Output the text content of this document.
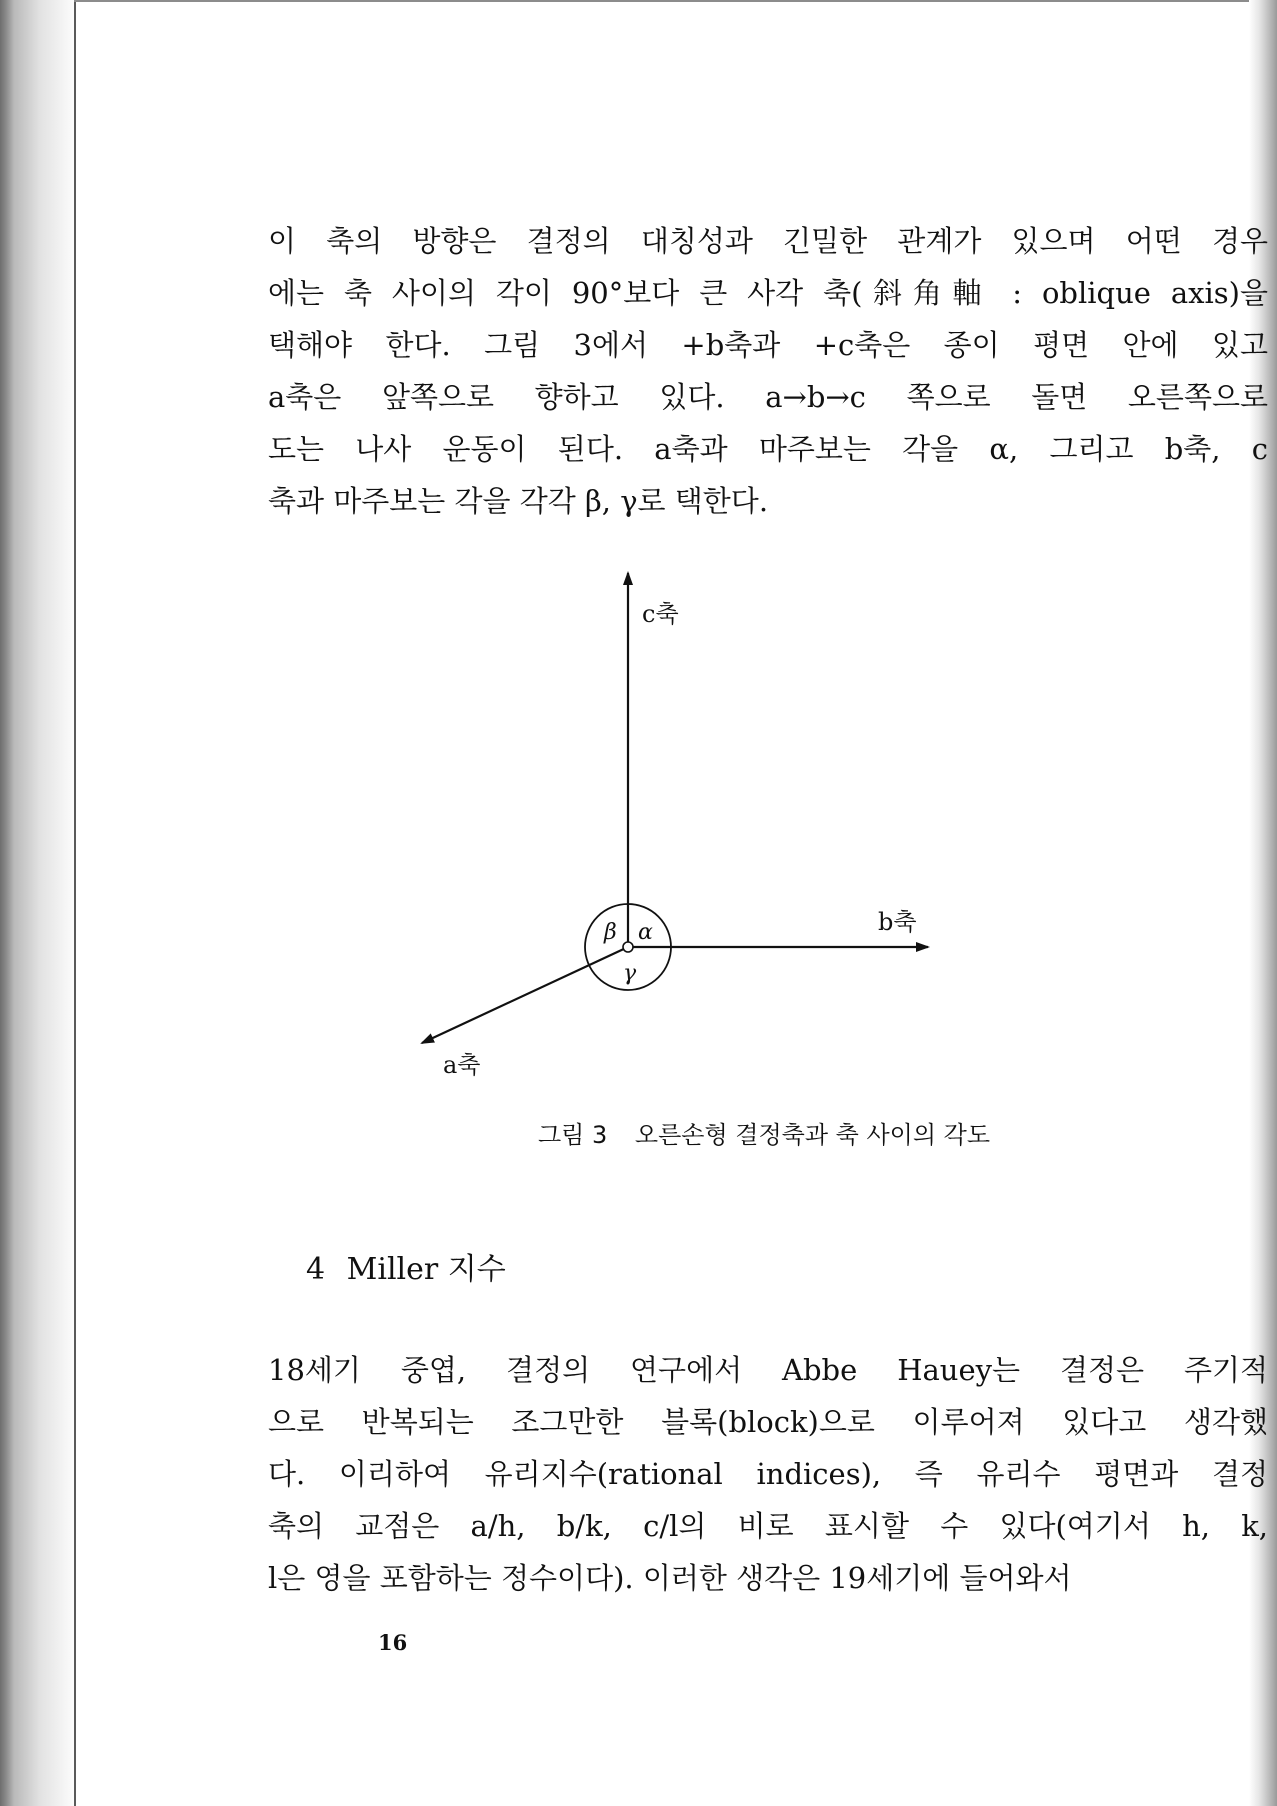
이 축의 방향은 결정의 대칭성과 긴밀한 관계가 있으며 어떤 경우
에는 축 사이의 각이 90°보다 큰 사각 축(斜角軸 : oblique axis)을
택해야 한다. 그림 3에서 +b축과 +c축은 종이 평면 안에 있고
a축은 앞쪽으로 향하고 있다. a→b→c 쪽으로 돌면 오른쪽으로
도는 나사 운동이 된다. a축과 마주보는 각을 α, 그리고 b축, c
축과 마주보는 각을 각각 β, γ로 택한다.
c축
b축
a축
α
β
γ
그림 3 오른손형 결정축과 축 사이의 각도
4 Miller 지수
18세기 중엽, 결정의 연구에서 Abbe Hauey는 결정은 주기적
으로 반복되는 조그만한 블록(block)으로 이루어져 있다고 생각했
다. 이리하여 유리지수(rational indices), 즉 유리수 평면과 결정
축의 교점은 a/h, b/k, c/l의 비로 표시할 수 있다(여기서 h, k,
l은 영을 포함하는 정수이다). 이러한 생각은 19세기에 들어와서
16
